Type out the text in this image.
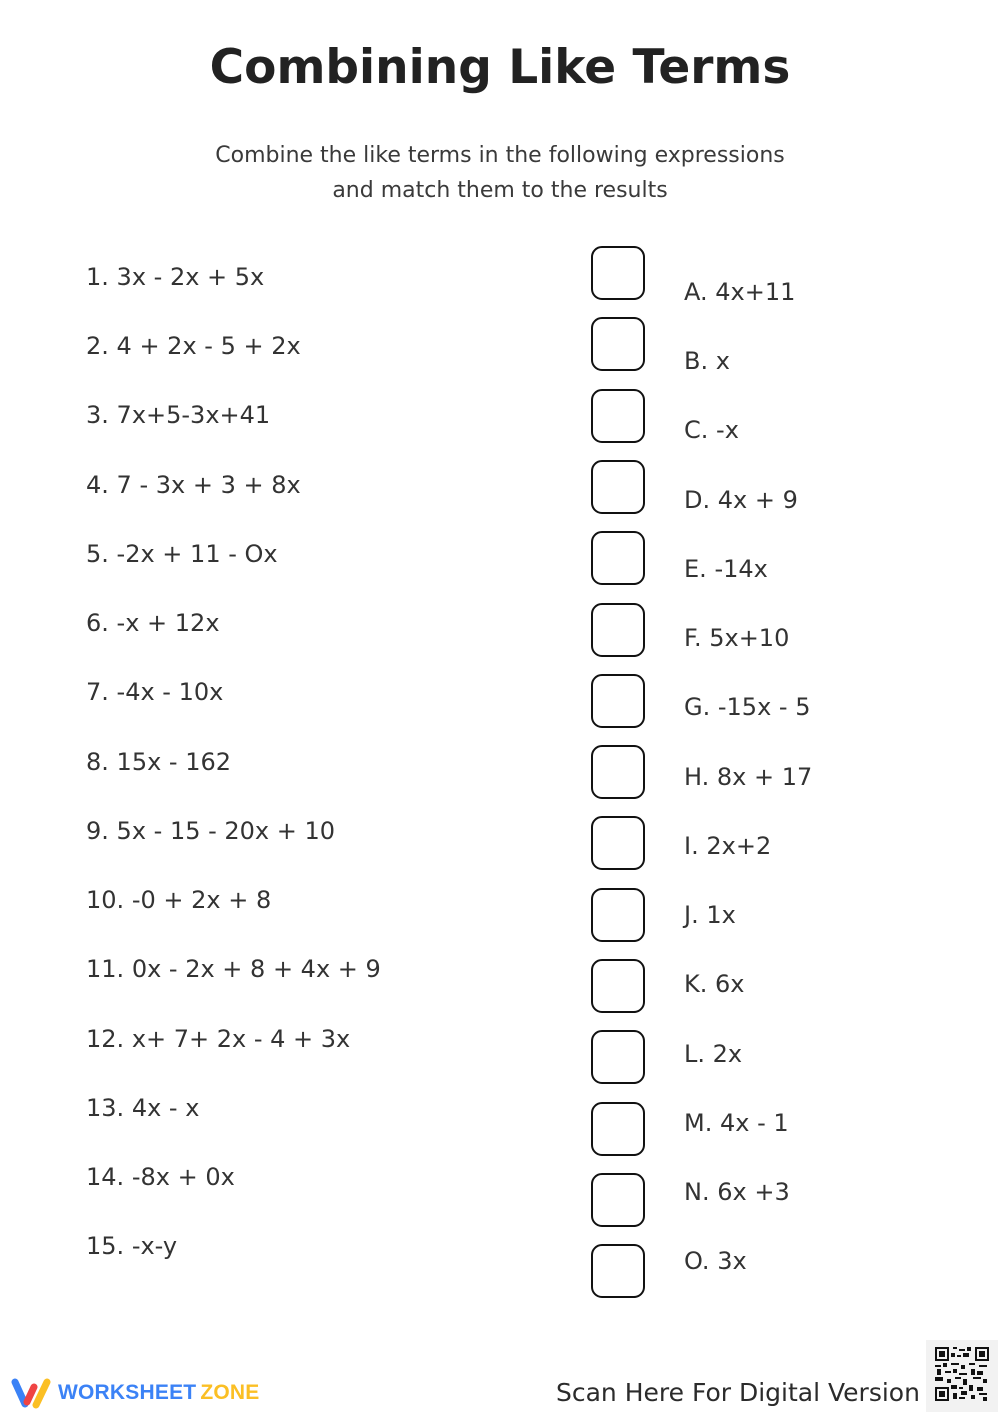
Combining Like Terms
Combine the like terms in the following expressions
and match them to the results
1. 3x - 2x + 5x
2. 4 + 2x - 5 + 2x
3. 7x+5-3x+41
4. 7 - 3x + 3 + 8x
5. -2x + 11 - Ox
6. -x + 12x
7. -4x - 10x
8. 15x - 162
9. 5x - 15 - 20x + 10
10. -0 + 2x + 8
11. 0x - 2x + 8 + 4x + 9
12. x+ 7+ 2x - 4 + 3x
13. 4x - x
14. -8x + 0x
15. -x-y
A. 4x+11
B. x
C. -x
D. 4x + 9
E. -14x
F. 5x+10
G. -15x - 5
H. 8x + 17
I. 2x+2
J. 1x
K. 6x
L. 2x
M. 4x - 1
N. 6x +3
O. 3x
WORKSHEET ZONE	Scan Here For Digital Version
